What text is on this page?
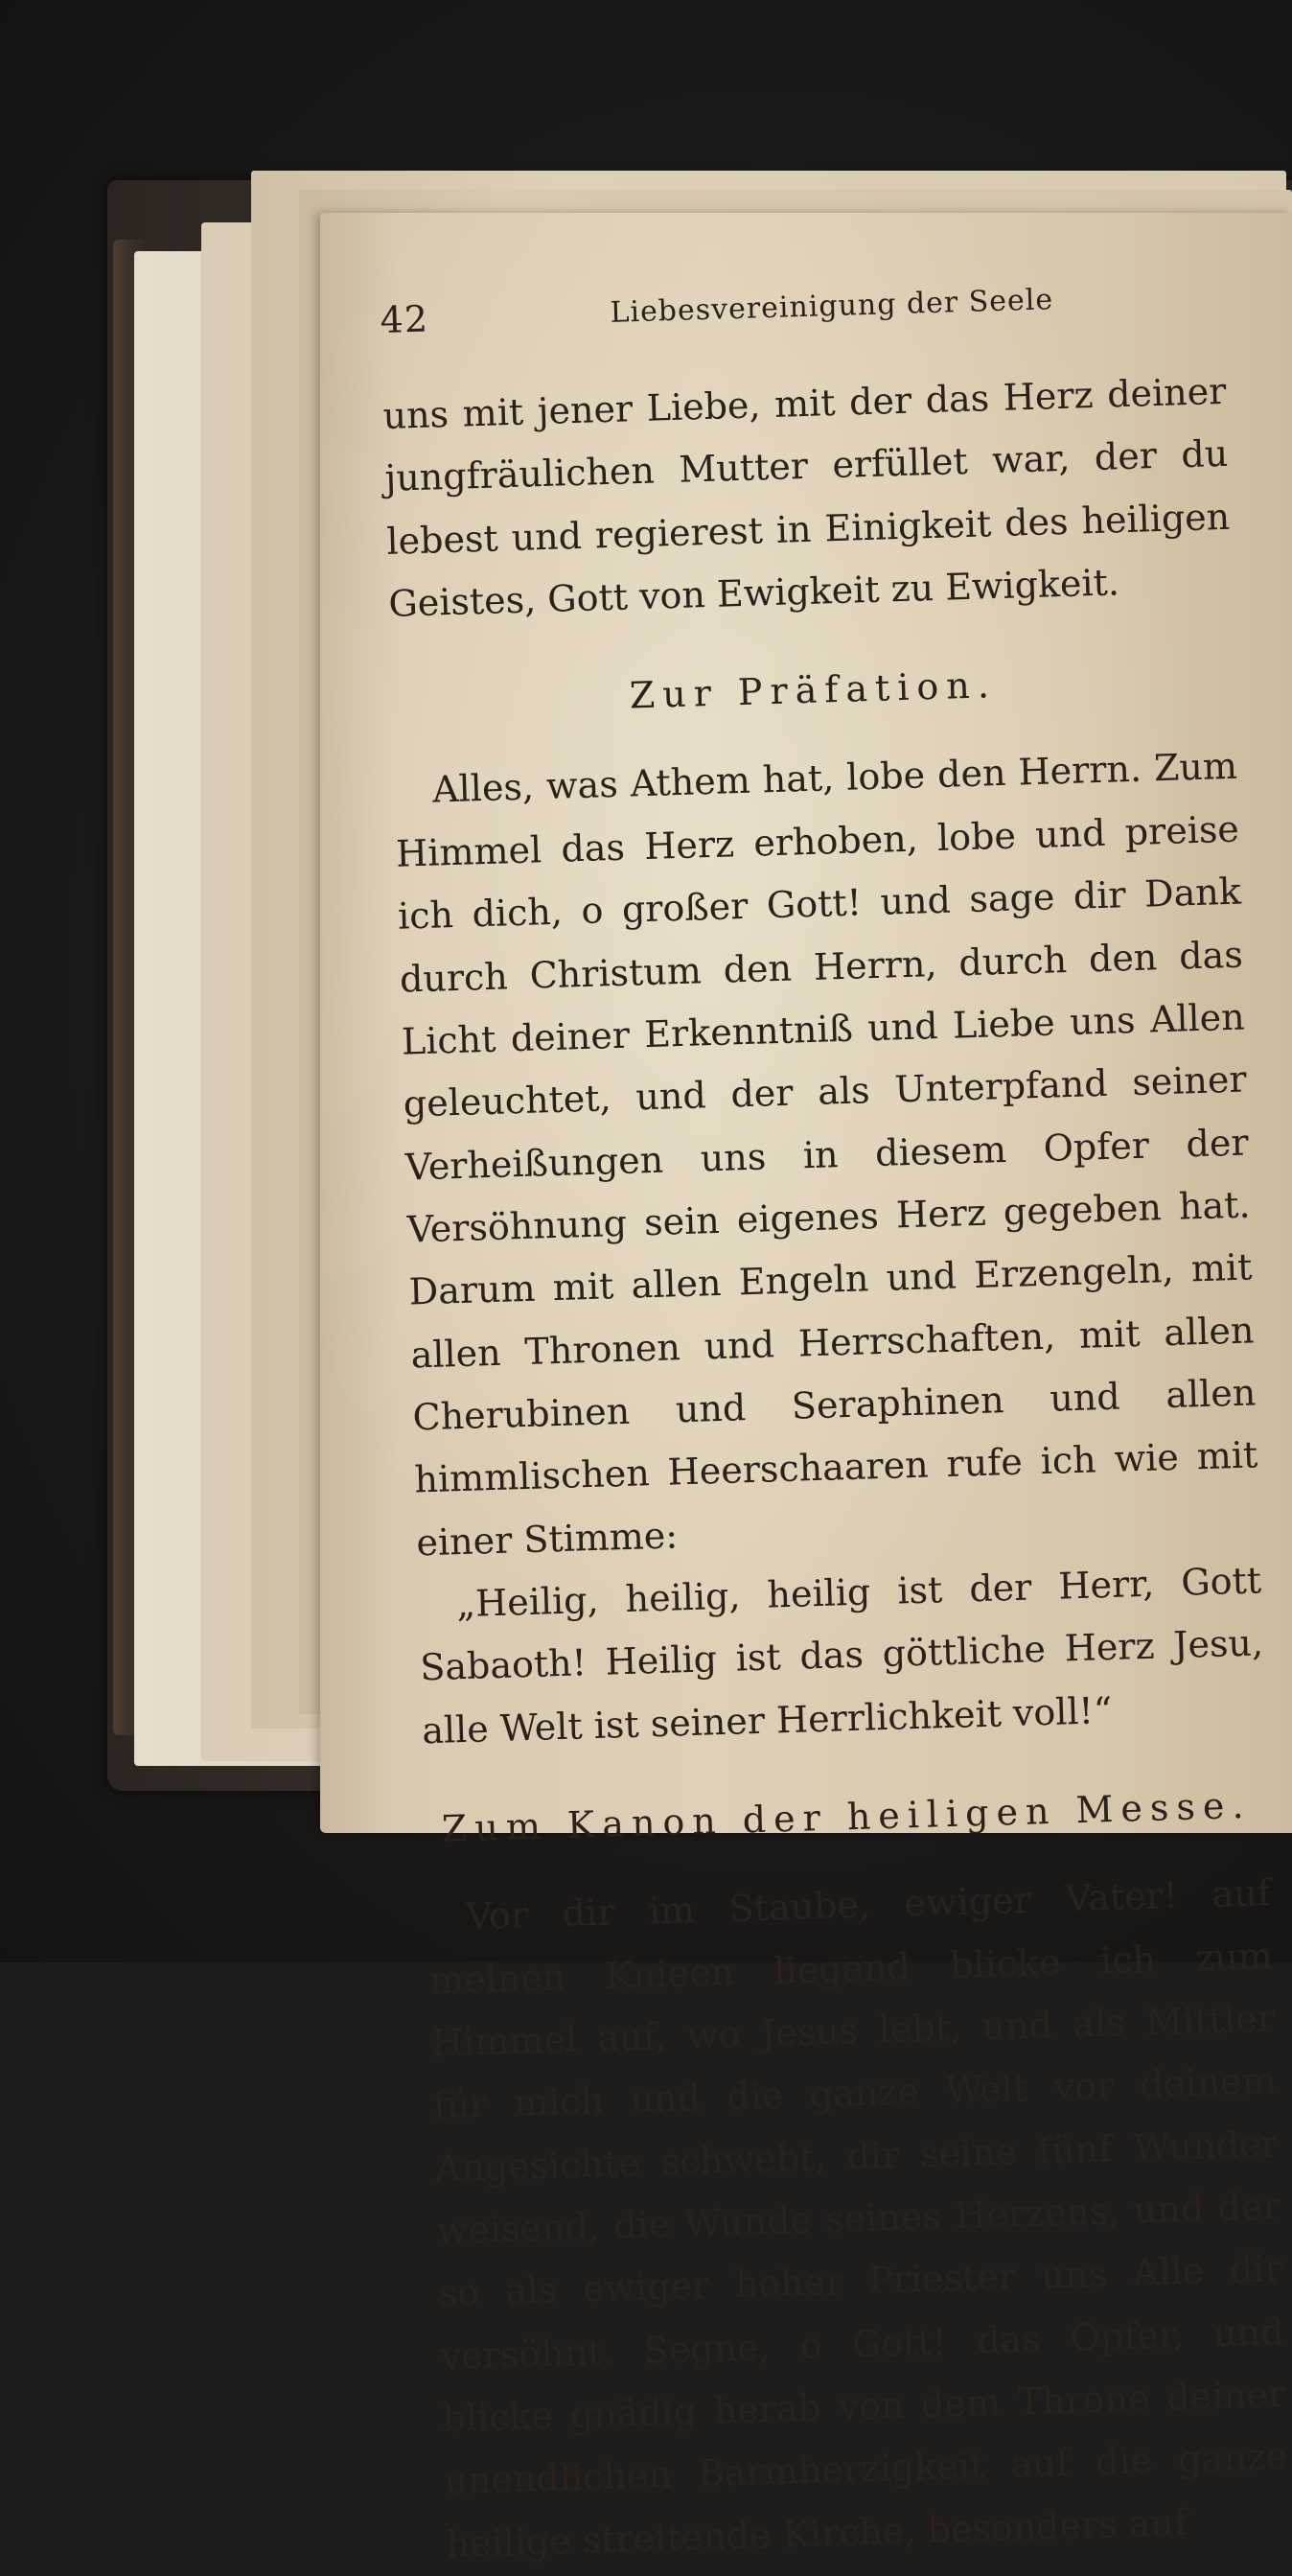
42	Liebesvereinigung der Seele

uns mit jener Liebe, mit der das Herz deiner jungfräulichen Mutter erfüllet war, der du lebest und regierest in Einigkeit des heiligen Geistes, Gott von Ewigkeit zu Ewigkeit.

Zur Präfation.

Alles, was Athem hat, lobe den Herrn. Zum Himmel das Herz erhoben, lobe und preise ich dich, o großer Gott! und sage dir Dank durch Christum den Herrn, durch den das Licht deiner Erkenntniß und Liebe uns Allen geleuchtet, und der als Unterpfand seiner Verheißungen uns in diesem Opfer der Versöhnung sein eigenes Herz gegeben hat. Darum mit allen Engeln und Erzengeln, mit allen Thronen und Herrschaften, mit allen Cherubinen und Seraphinen und allen himmlischen Heerschaaren rufe ich wie mit einer Stimme:

„Heilig, heilig, heilig ist der Herr, Gott Sabaoth! Heilig ist das göttliche Herz Jesu, alle Welt ist seiner Herrlichkeit voll!“

Zum Kanon der heiligen Messe.

Vor dir im Staube, ewiger Vater! auf meinen Knieen liegend blicke ich zum Himmel auf, wo Jesus lebt, und als Mittler für mich und die ganze Welt vor deinem Angesichte schwebt, dir seine fünf Wunder weisend, die Wunde seines Herzens, und der so als ewiger hoher Priester uns Alle dir versöhnt. Segne, o Gott! das Opfer, und blicke gnädig herab von dem Throne deiner unendlichen Barmherzigkeit auf die ganze heilige streitende Kirche, besonders auf
